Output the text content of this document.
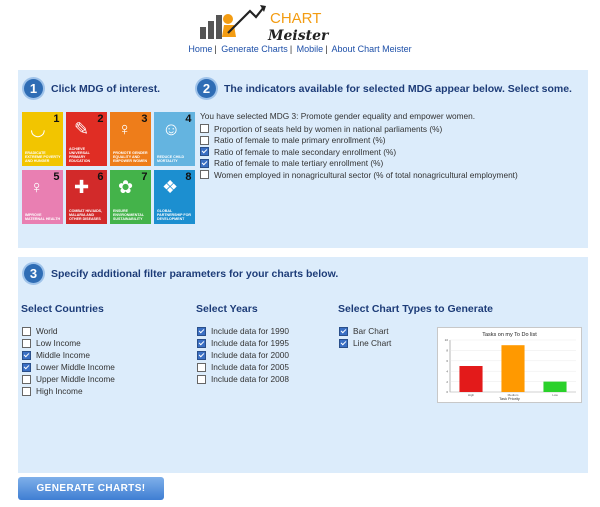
CHART
Meister
Home | Generate Charts | Mobile | About Chart Meister
1	Click MDG of interest.	2	The indicators available for selected MDG appear below. Select some.
3	Specify additional filter parameters for your charts below.
◡ 1
ERADICATE EXTREME POVERTY AND HUNGER
✎ 2
ACHIEVE UNIVERSAL PRIMARY EDUCATION
♀ 3
PROMOTE GENDER EQUALITY AND EMPOWER WOMEN
☺ 4
REDUCE CHILD MORTALITY
♀ 5
IMPROVE MATERNAL HEALTH
✚ 6
COMBAT HIV/AIDS, MALARIA AND OTHER DISEASES
✿ 7
ENSURE ENVIRONMENTAL SUSTAINABILITY
❖ 8
GLOBAL PARTNERSHIP FOR DEVELOPMENT
You have selected MDG 3: Promote gender equality and empower women.
Proportion of seats held by women in national parliaments (%)
Ratio of female to male primary enrollment (%)
Ratio of female to male secondary enrollment (%)
Ratio of female to male tertiary enrollment (%)
Women employed in nonagricultural sector (% of total nonagricultural employment)
Select Countries	Select Years	Select Chart Types to Generate
World
Low Income
Middle Income
Lower Middle Income
Upper Middle Income
High Income
Include data for 1990
Include data for 1995
Include data for 2000
Include data for 2005
Include data for 2008
Bar Chart
Line Chart
Tasks on my To Do list
Task Priority
0
2
4
6
8
10
High	Medium	Low
GENERATE CHARTS!
